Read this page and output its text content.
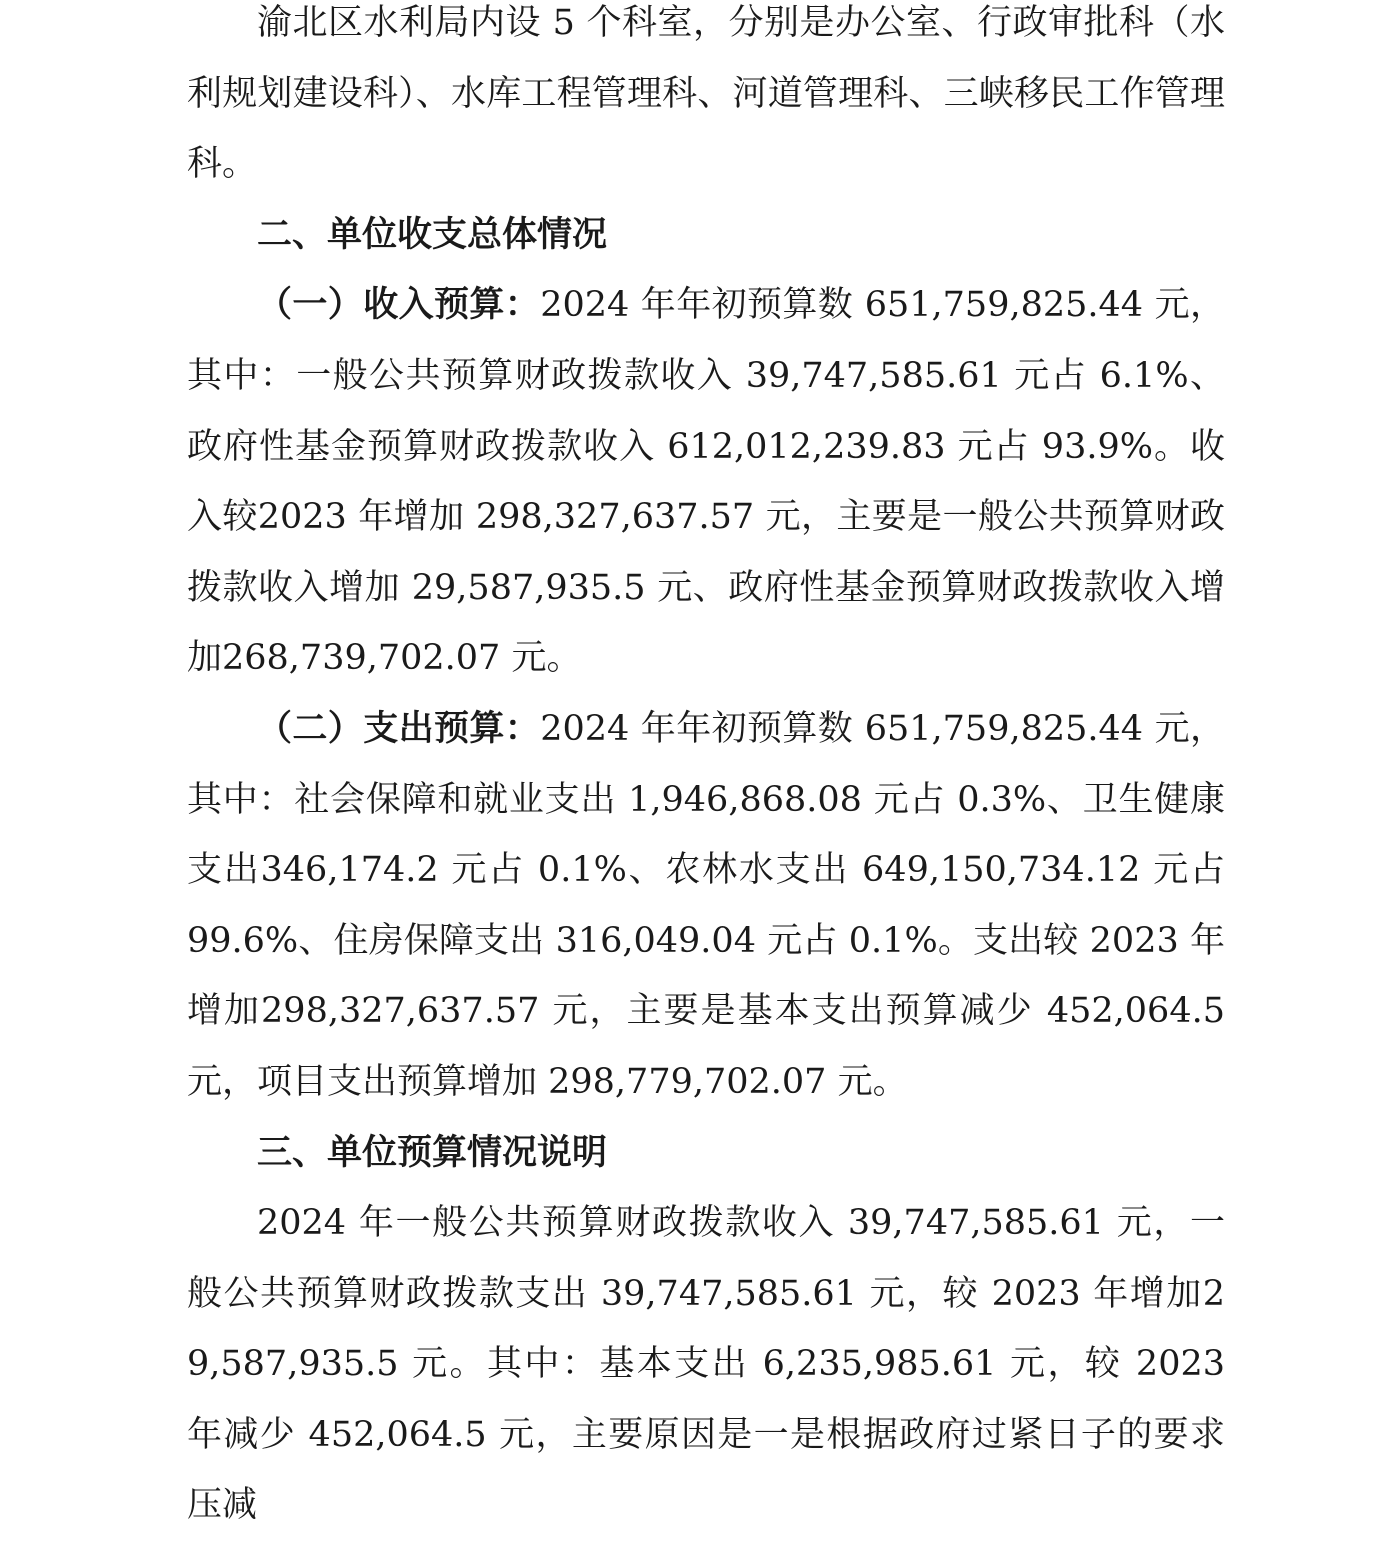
渝北区水利局内设 5 个科室，分别是办公室、行政审批科（水利规划建设科）、水库工程管理科、河道管理科、三峡移民工作管理科。

二、单位收支总体情况

（一）收入预算：2024 年年初预算数 651,759,825.44 元，其中：一般公共预算财政拨款收入 39,747,585.61 元占 6.1%、政府性基金预算财政拨款收入 612,012,239.83 元占 93.9%。收入较2023 年增加 298,327,637.57 元，主要是一般公共预算财政拨款收入增加 29,587,935.5 元、政府性基金预算财政拨款收入增加268,739,702.07 元。

（二）支出预算：2024 年年初预算数 651,759,825.44 元，其中：社会保障和就业支出 1,946,868.08 元占 0.3%、卫生健康支出346,174.2 元占 0.1%、农林水支出 649,150,734.12 元占 99.6%、住房保障支出 316,049.04 元占 0.1%。支出较 2023 年增加298,327,637.57 元，主要是基本支出预算减少 452,064.5 元，项目支出预算增加 298,779,702.07 元。

三、单位预算情况说明

2024 年一般公共预算财政拨款收入 39,747,585.61 元，一般公共预算财政拨款支出 39,747,585.61 元，较 2023 年增加29,587,935.5 元。其中：基本支出 6,235,985.61 元，较 2023 年减少 452,064.5 元，主要原因是一是根据政府过紧日子的要求压减
